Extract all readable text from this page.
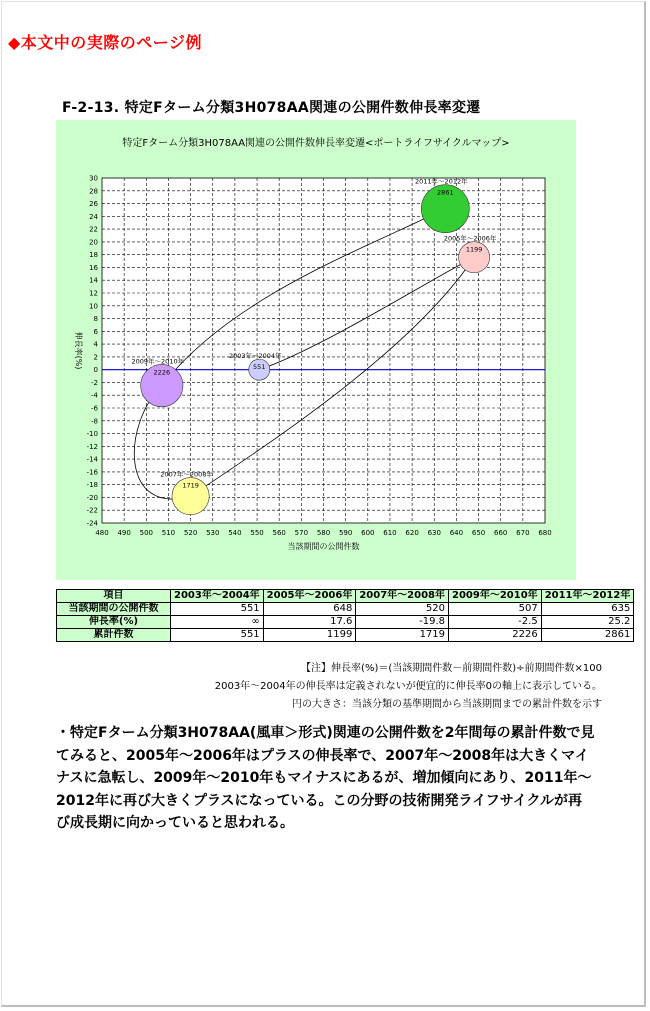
◆本文中の実際のページ例
F-2-13. 特定Fターム分類3H078AA関連の公開件数伸長率変遷
特定Fターム分類3H078AA関連の公開件数伸長率変遷<ポートライフサイクルマップ>
480 490 500 510 520 530 540 550 560 570 580 590 600 610 620 630 640 650 660 670 680
30
28
26
24
22
20
18
16
14
12
10
8
6
4
2
0
-2
-4
-6
-8
-10
-12
-14
-16
-18
-20
-22
-24
当該期間の公開件数
伸長率(%)	2003年～2004年
551
2005年～2006年
1199
2007年～2008年
1719
2009年～2010年
2226
2011年～2012年
2861
項目	2003年～2004年	2005年～2006年	2007年～2008年	2009年～2010年	2011年～2012年
当該期間の公開件数	551	648	520	507	635
伸長率(%)	∞	17.6	-19.8	-2.5	25.2
累計件数	551	1199	1719	2226	2861
【注】伸長率(%)＝(当該期間件数－前期間件数)÷前期間件数×100
2003年～2004年の伸長率は定義されないが便宜的に伸長率0の軸上に表示している。
円の大きさ：当該分類の基準期間から当該期間までの累計件数を示す
・特定Fターム分類3H078AA(風車＞形式)関連の公開件数を2年間毎の累計件数で見てみると、2005年～2006年はプラスの伸長率で、2007年～2008年は大きくマイナスに急転し、2009年～2010年もマイナスにあるが、増加傾向にあり、2011年～2012年に再び大きくプラスになっている。この分野の技術開発ライフサイクルが再び成長期に向かっていると思われる。
